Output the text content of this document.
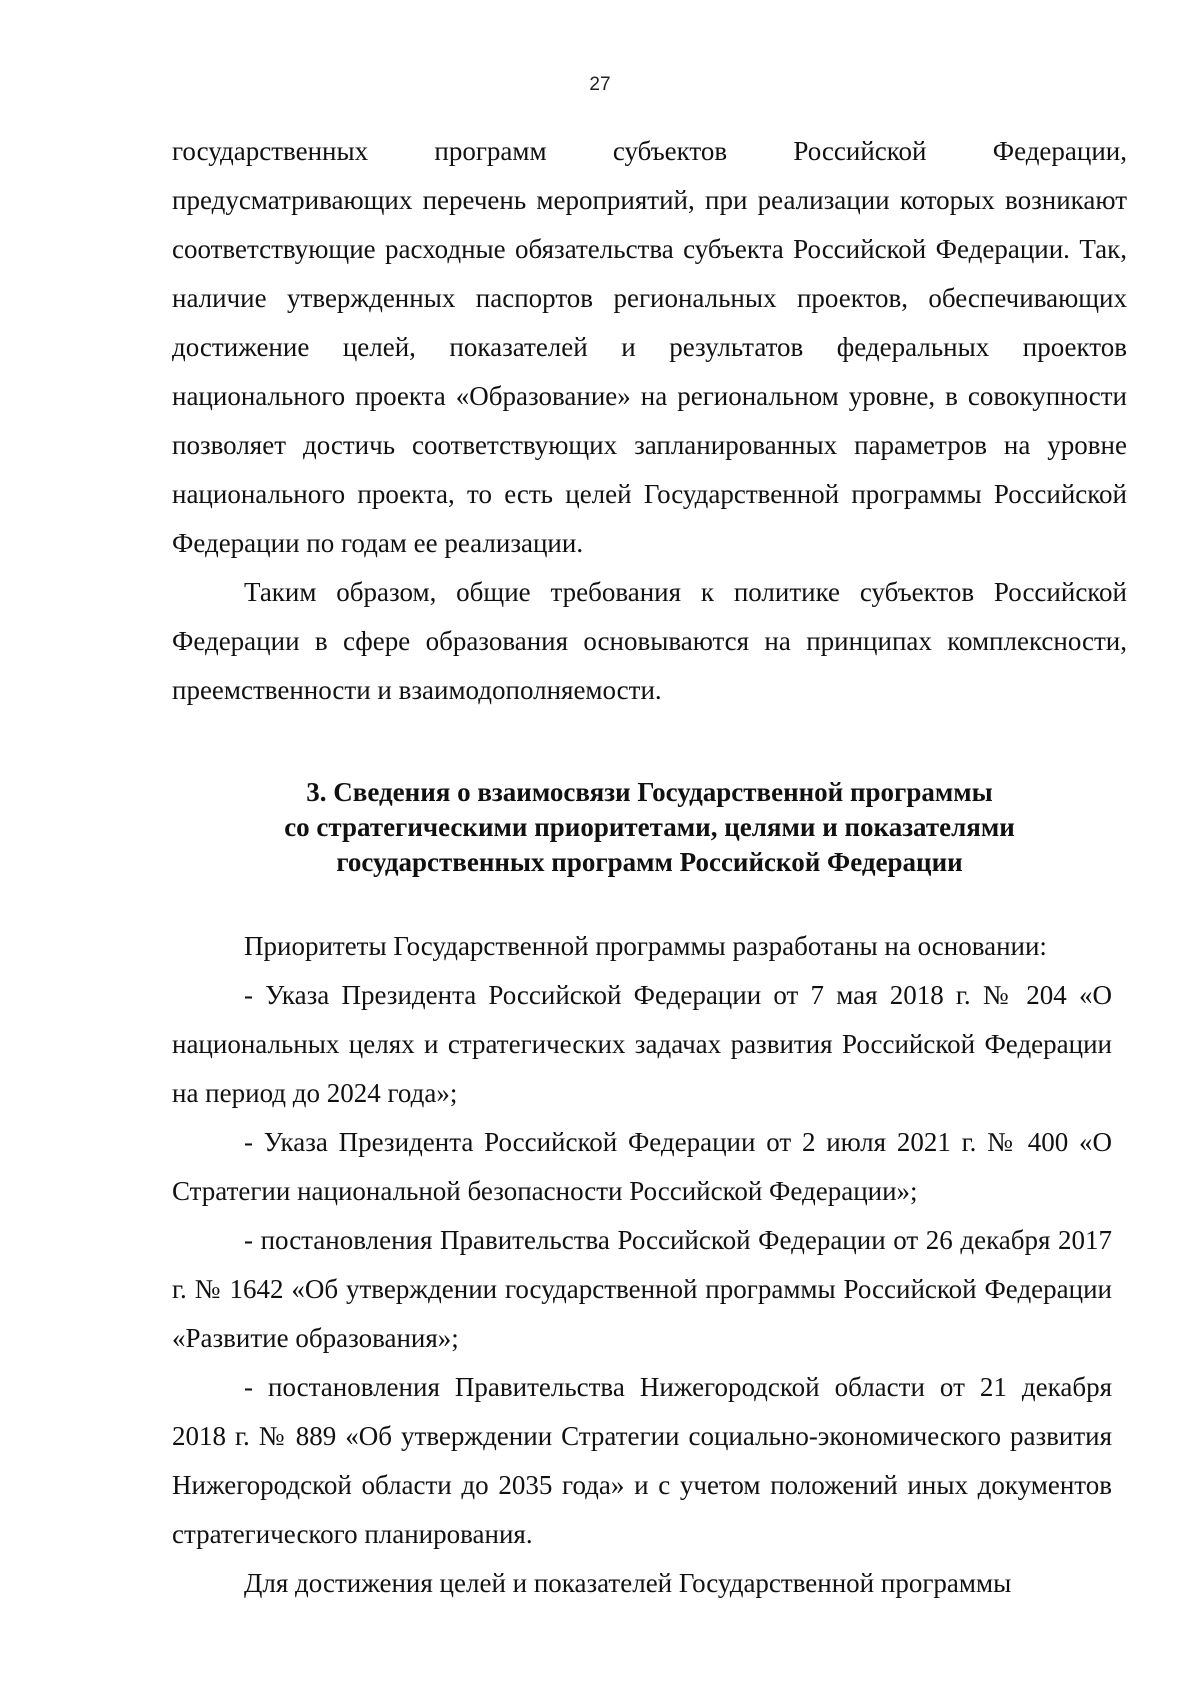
27

государственных программ субъектов Российской Федерации, предусматривающих перечень мероприятий, при реализации которых возникают соответствующие расходные обязательства субъекта Российской Федерации. Так, наличие утвержденных паспортов региональных проектов, обеспечивающих достижение целей, показателей и результатов федеральных проектов национального проекта «Образование» на региональном уровне, в совокупности позволяет достичь соответствующих запланированных параметров на уровне национального проекта, то есть целей Государственной программы Российской Федерации по годам ее реализации.

Таким образом, общие требования к политике субъектов Российской Федерации в сфере образования основываются на принципах комплексности, преемственности и взаимодополняемости.

3. Сведения о взаимосвязи Государственной программы
со стратегическими приоритетами, целями и показателями
государственных программ Российской Федерации

Приоритеты Государственной программы разработаны на основании:

- Указа Президента Российской Федерации от 7 мая 2018 г. № 204 «О национальных целях и стратегических задачах развития Российской Федерации на период до 2024 года»;

- Указа Президента Российской Федерации от 2 июля 2021 г. № 400 «О Стратегии национальной безопасности Российской Федерации»;

- постановления Правительства Российской Федерации от 26 декабря 2017 г. № 1642 «Об утверждении государственной программы Российской Федерации «Развитие образования»;

- постановления Правительства Нижегородской области от 21 декабря 2018 г. № 889 «Об утверждении Стратегии социально-экономического развития Нижегородской области до 2035 года» и с учетом положений иных документов стратегического планирования.

Для достижения целей и показателей Государственной программы
